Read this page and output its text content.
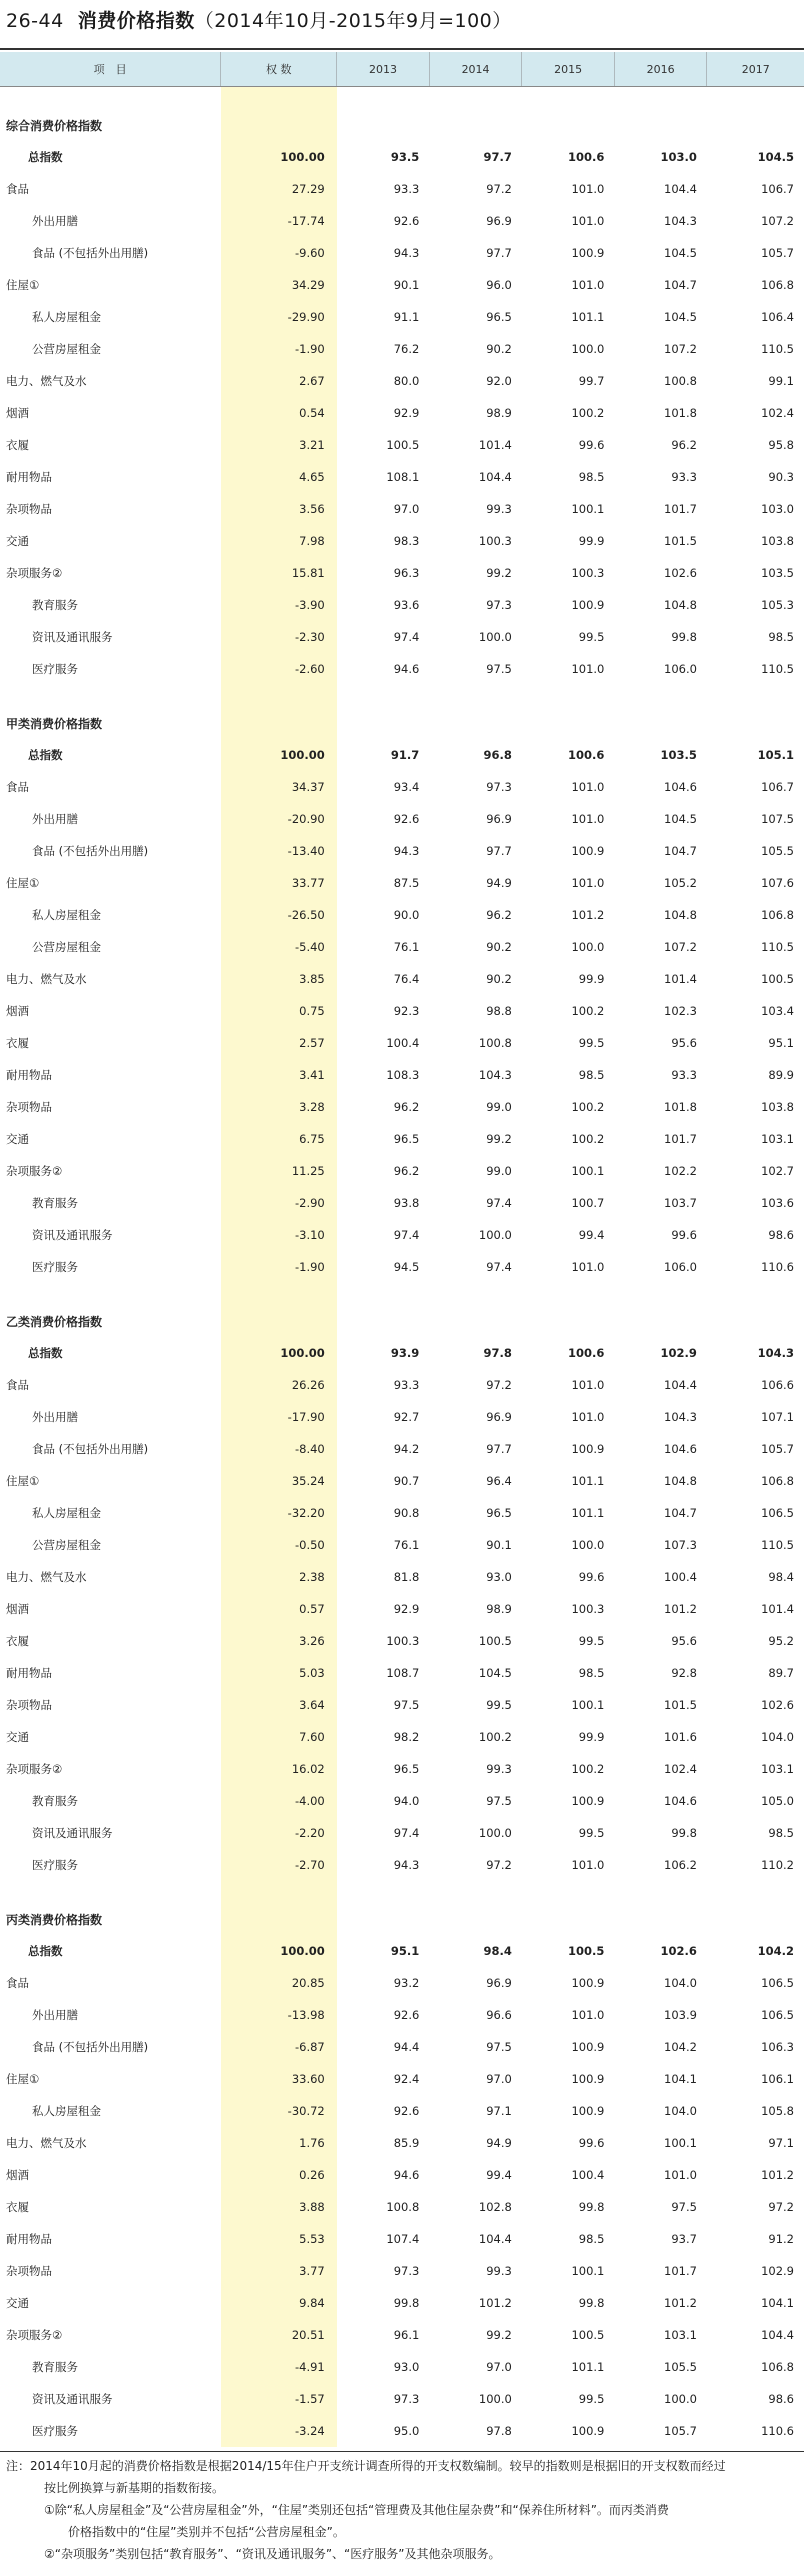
26-44 消费价格指数（2014年10月-2015年9月=100）
项　目	权 数	2013	2014	2015	2016	2017

综合消费价格指数						
总指数	100.00	93.5	97.7	100.6	103.0	104.5
食品	27.29	93.3	97.2	101.0	104.4	106.7
外出用膳	-17.74	92.6	96.9	101.0	104.3	107.2
食品 (不包括外出用膳)	-9.60	94.3	97.7	100.9	104.5	105.7
住屋①	34.29	90.1	96.0	101.0	104.7	106.8
私人房屋租金	-29.90	91.1	96.5	101.1	104.5	106.4
公营房屋租金	-1.90	76.2	90.2	100.0	107.2	110.5
电力、燃气及水	2.67	80.0	92.0	99.7	100.8	99.1
烟酒	0.54	92.9	98.9	100.2	101.8	102.4
衣履	3.21	100.5	101.4	99.6	96.2	95.8
耐用物品	4.65	108.1	104.4	98.5	93.3	90.3
杂项物品	3.56	97.0	99.3	100.1	101.7	103.0
交通	7.98	98.3	100.3	99.9	101.5	103.8
杂项服务②	15.81	96.3	99.2	100.3	102.6	103.5
教育服务	-3.90	93.6	97.3	100.9	104.8	105.3
资讯及通讯服务	-2.30	97.4	100.0	99.5	99.8	98.5
医疗服务	-2.60	94.6	97.5	101.0	106.0	110.5

甲类消费价格指数						
总指数	100.00	91.7	96.8	100.6	103.5	105.1
食品	34.37	93.4	97.3	101.0	104.6	106.7
外出用膳	-20.90	92.6	96.9	101.0	104.5	107.5
食品 (不包括外出用膳)	-13.40	94.3	97.7	100.9	104.7	105.5
住屋①	33.77	87.5	94.9	101.0	105.2	107.6
私人房屋租金	-26.50	90.0	96.2	101.2	104.8	106.8
公营房屋租金	-5.40	76.1	90.2	100.0	107.2	110.5
电力、燃气及水	3.85	76.4	90.2	99.9	101.4	100.5
烟酒	0.75	92.3	98.8	100.2	102.3	103.4
衣履	2.57	100.4	100.8	99.5	95.6	95.1
耐用物品	3.41	108.3	104.3	98.5	93.3	89.9
杂项物品	3.28	96.2	99.0	100.2	101.8	103.8
交通	6.75	96.5	99.2	100.2	101.7	103.1
杂项服务②	11.25	96.2	99.0	100.1	102.2	102.7
教育服务	-2.90	93.8	97.4	100.7	103.7	103.6
资讯及通讯服务	-3.10	97.4	100.0	99.4	99.6	98.6
医疗服务	-1.90	94.5	97.4	101.0	106.0	110.6

乙类消费价格指数						
总指数	100.00	93.9	97.8	100.6	102.9	104.3
食品	26.26	93.3	97.2	101.0	104.4	106.6
外出用膳	-17.90	92.7	96.9	101.0	104.3	107.1
食品 (不包括外出用膳)	-8.40	94.2	97.7	100.9	104.6	105.7
住屋①	35.24	90.7	96.4	101.1	104.8	106.8
私人房屋租金	-32.20	90.8	96.5	101.1	104.7	106.5
公营房屋租金	-0.50	76.1	90.1	100.0	107.3	110.5
电力、燃气及水	2.38	81.8	93.0	99.6	100.4	98.4
烟酒	0.57	92.9	98.9	100.3	101.2	101.4
衣履	3.26	100.3	100.5	99.5	95.6	95.2
耐用物品	5.03	108.7	104.5	98.5	92.8	89.7
杂项物品	3.64	97.5	99.5	100.1	101.5	102.6
交通	7.60	98.2	100.2	99.9	101.6	104.0
杂项服务②	16.02	96.5	99.3	100.2	102.4	103.1
教育服务	-4.00	94.0	97.5	100.9	104.6	105.0
资讯及通讯服务	-2.20	97.4	100.0	99.5	99.8	98.5
医疗服务	-2.70	94.3	97.2	101.0	106.2	110.2

丙类消费价格指数						
总指数	100.00	95.1	98.4	100.5	102.6	104.2
食品	20.85	93.2	96.9	100.9	104.0	106.5
外出用膳	-13.98	92.6	96.6	101.0	103.9	106.5
食品 (不包括外出用膳)	-6.87	94.4	97.5	100.9	104.2	106.3
住屋①	33.60	92.4	97.0	100.9	104.1	106.1
私人房屋租金	-30.72	92.6	97.1	100.9	104.0	105.8
电力、燃气及水	1.76	85.9	94.9	99.6	100.1	97.1
烟酒	0.26	94.6	99.4	100.4	101.0	101.2
衣履	3.88	100.8	102.8	99.8	97.5	97.2
耐用物品	5.53	107.4	104.4	98.5	93.7	91.2
杂项物品	3.77	97.3	99.3	100.1	101.7	102.9
交通	9.84	99.8	101.2	99.8	101.2	104.1
杂项服务②	20.51	96.1	99.2	100.5	103.1	104.4
教育服务	-4.91	93.0	97.0	101.1	105.5	106.8
资讯及通讯服务	-1.57	97.3	100.0	99.5	100.0	98.6
医疗服务	-3.24	95.0	97.8	100.9	105.7	110.6
注：2014年10月起的消费价格指数是根据2014/15年住户开支统计调查所得的开支权数编制。较早的指数则是根据旧的开支权数而经过
按比例换算与新基期的指数衔接。
①除“私人房屋租金”及“公营房屋租金”外，“住屋”类别还包括“管理费及其他住屋杂费”和“保养住所材料”。而丙类消费
价格指数中的“住屋”类别并不包括“公营房屋租金”。
②“杂项服务”类别包括“教育服务”、“资讯及通讯服务”、“医疗服务”及其他杂项服务。
